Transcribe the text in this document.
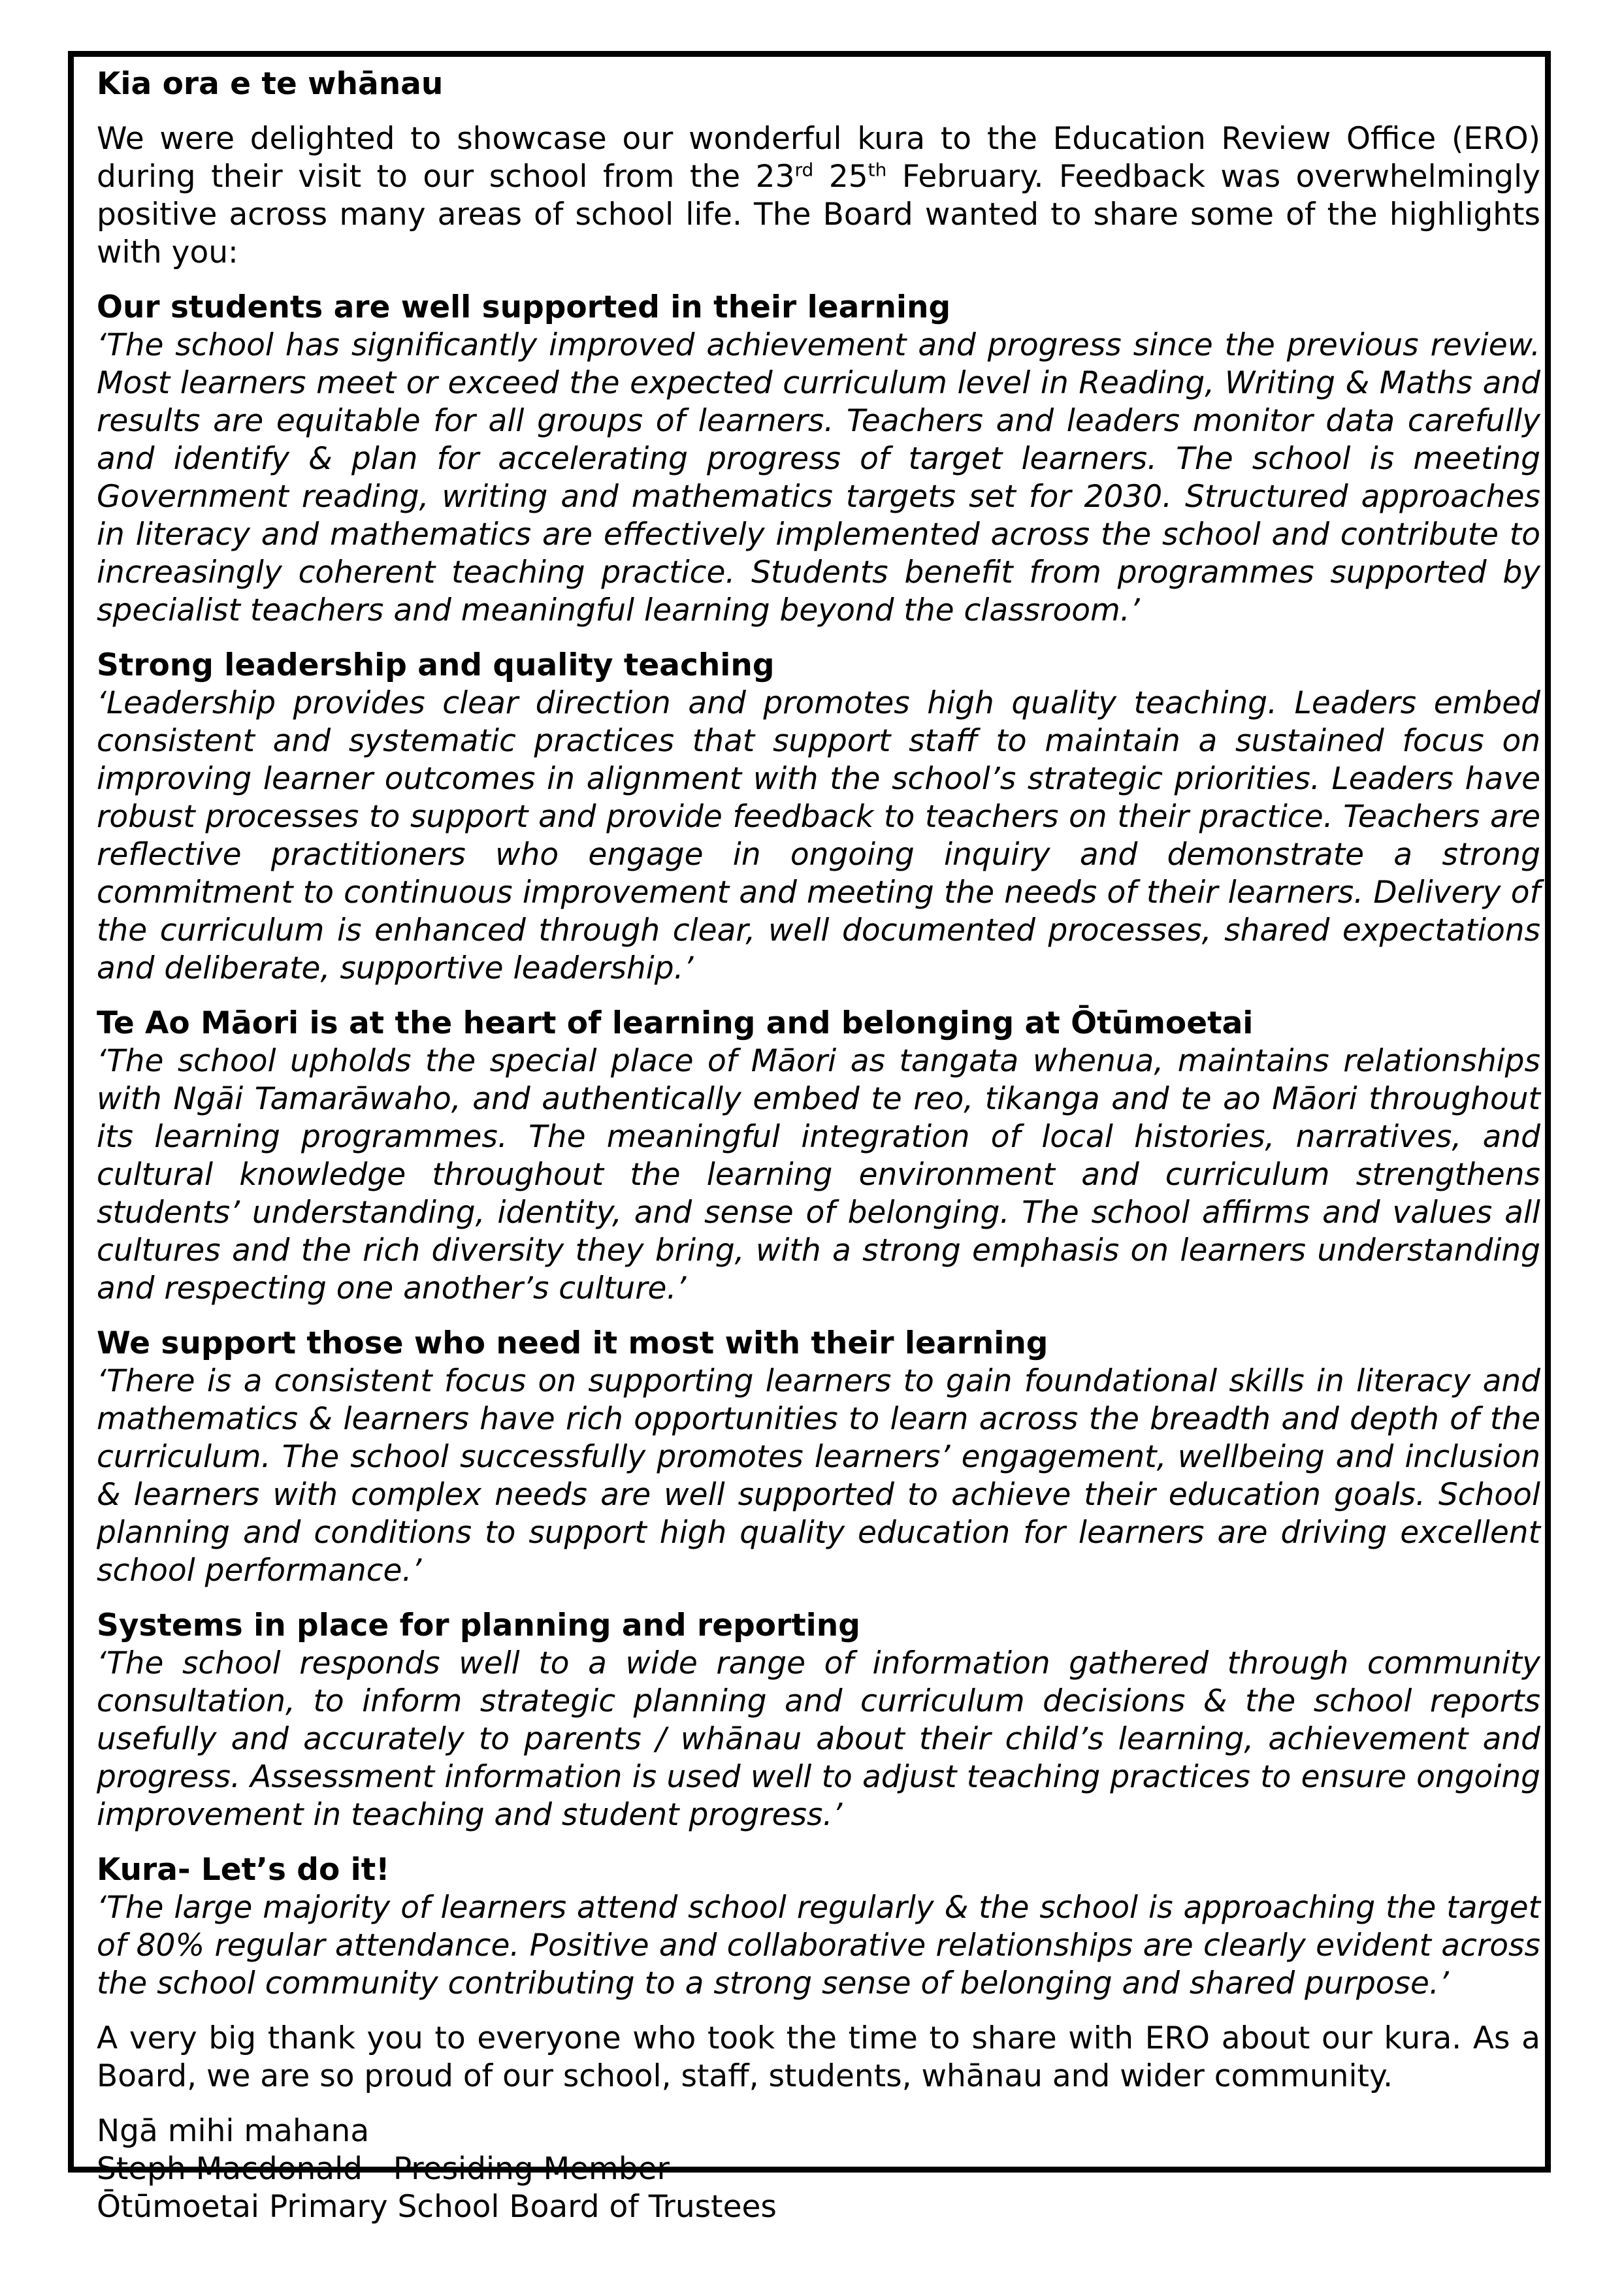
Kia ora e te whānau

We were delighted to showcase our wonderful kura to the Education Review Office (ERO) during their visit to our school from the 23rd 25th February. Feedback was overwhelmingly positive across many areas of school life. The Board wanted to share some of the highlights with you:

Our students are well supported in their learning

‘The school has significantly improved achievement and progress since the previous review. Most learners meet or exceed the expected curriculum level in Reading, Writing & Maths and results are equitable for all groups of learners. Teachers and leaders monitor data carefully and identify & plan for accelerating progress of target learners. The school is meeting Government reading, writing and mathematics targets set for 2030. Structured approaches in literacy and mathematics are effectively implemented across the school and contribute to increasingly coherent teaching practice. Students benefit from programmes supported by specialist teachers and meaningful learning beyond the classroom.’

Strong leadership and quality teaching

‘Leadership provides clear direction and promotes high quality teaching. Leaders embed consistent and systematic practices that support staff to maintain a sustained focus on improving learner outcomes in alignment with the school’s strategic priorities. Leaders have robust processes to support and provide feedback to teachers on their practice. Teachers are reflective practitioners who engage in ongoing inquiry and demonstrate a strong commitment to continuous improvement and meeting the needs of their learners. Delivery of the curriculum is enhanced through clear, well documented processes, shared expectations and deliberate, supportive leadership.’

Te Ao Māori is at the heart of learning and belonging at Ōtūmoetai

‘The school upholds the special place of Māori as tangata whenua, maintains relationships with Ngāi Tamarāwaho, and authentically embed te reo, tikanga and te ao Māori throughout its learning programmes. The meaningful integration of local histories, narratives, and cultural knowledge throughout the learning environment and curriculum strengthens students’ understanding, identity, and sense of belonging. The school affirms and values all cultures and the rich diversity they bring, with a strong emphasis on learners understanding and respecting one another’s culture.’

We support those who need it most with their learning

‘There is a consistent focus on supporting learners to gain foundational skills in literacy and mathematics & learners have rich opportunities to learn across the breadth and depth of the curriculum. The school successfully promotes learners’ engagement, wellbeing and inclusion & learners with complex needs are well supported to achieve their education goals. School planning and conditions to support high quality education for learners are driving excellent school performance.’

Systems in place for planning and reporting

‘The school responds well to a wide range of information gathered through community consultation, to inform strategic planning and curriculum decisions & the school reports usefully and accurately to parents / whānau about their child’s learning, achievement and progress. Assessment information is used well to adjust teaching practices to ensure ongoing improvement in teaching and student progress.’

Kura- Let’s do it!

‘The large majority of learners attend school regularly & the school is approaching the target of 80% regular attendance. Positive and collaborative relationships are clearly evident across the school community contributing to a strong sense of belonging and shared purpose.’

A very big thank you to everyone who took the time to share with ERO about our kura. As a Board, we are so proud of our school, staff, students, whānau and wider community.

Ngā mihi mahana

Steph Macdonald - Presiding Member

Ōtūmoetai Primary School Board of Trustees
